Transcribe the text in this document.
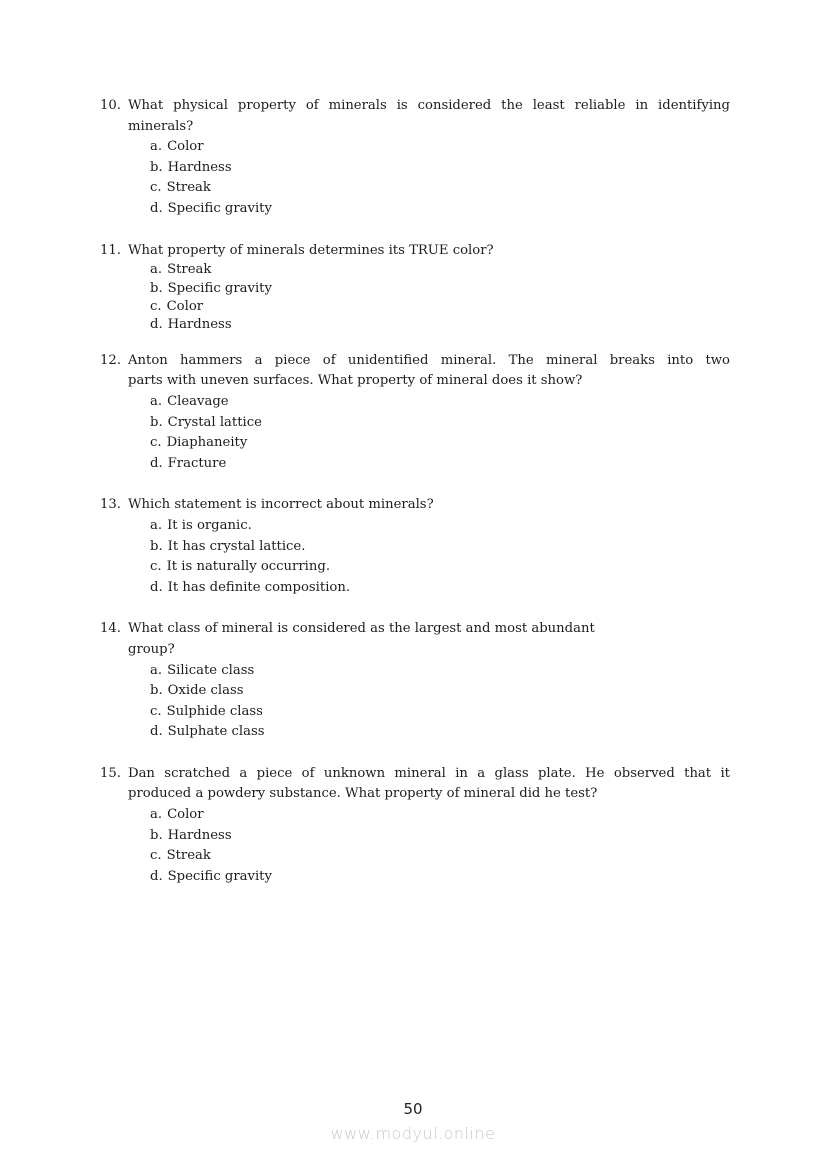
10. What physical property of minerals is considered the least reliable in identifying
minerals?
a. Color
b. Hardness
c. Streak
d. Specific gravity
11. What property of minerals determines its TRUE color?
a. Streak
b. Specific gravity
c. Color
d. Hardness
12. Anton hammers a piece of unidentified mineral. The mineral breaks into two
parts with uneven surfaces. What property of mineral does it show?
a. Cleavage
b. Crystal lattice
c. Diaphaneity
d. Fracture
13. Which statement is incorrect about minerals?
a. It is organic.
b. It has crystal lattice.
c. It is naturally occurring.
d. It has definite composition.
14. What class of mineral is considered as the largest and most abundant
group?
a. Silicate class
b. Oxide class
c. Sulphide class
d. Sulphate class
15. Dan scratched a piece of unknown mineral in a glass plate. He observed that it
produced a powdery substance. What property of mineral did he test?
a. Color
b. Hardness
c. Streak
d. Specific gravity
50
www.modyul.online
